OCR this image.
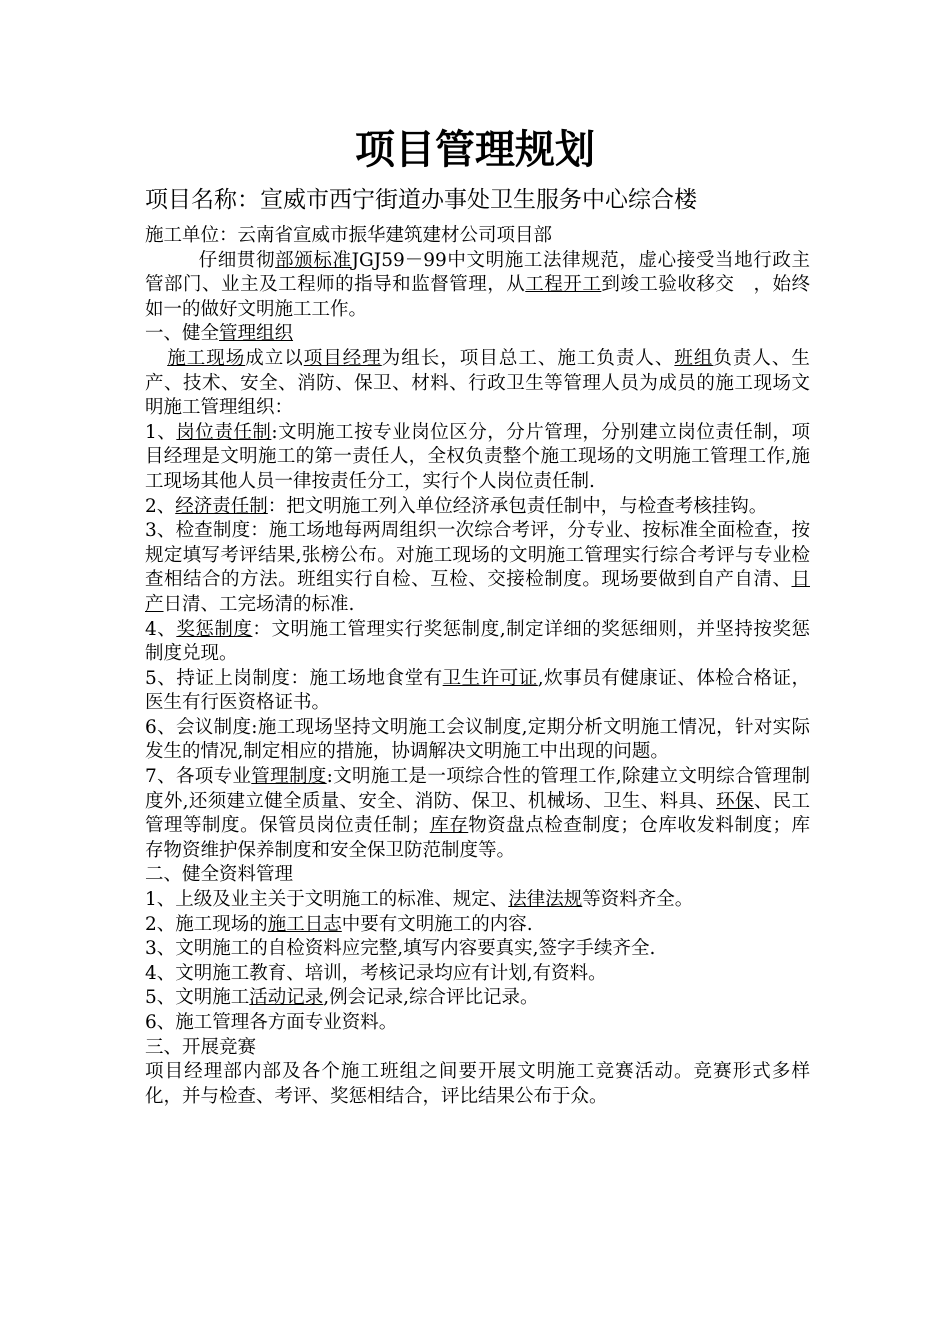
项目管理规划
项目名称：宣威市西宁街道办事处卫生服务中心综合楼

施工单位：云南省宣威市振华建筑建材公司项目部

仔细贯彻部颁标准JGJ59－99中文明施工法律规范，虚心接受当地行政主管部门、业主及工程师的指导和监督管理，从工程开工到竣工验收移交　，始终如一的做好文明施工工作。

一、健全管理组织

施工现场成立以项目经理为组长，项目总工、施工负责人、班组负责人、生产、技术、安全、消防、保卫、材料、行政卫生等管理人员为成员的施工现场文明施工管理组织：

1、岗位责任制:文明施工按专业岗位区分，分片管理，分别建立岗位责任制，项目经理是文明施工的第一责任人，全权负责整个施工现场的文明施工管理工作,施工现场其他人员一律按责任分工，实行个人岗位责任制.

2、经济责任制：把文明施工列入单位经济承包责任制中，与检查考核挂钩。

3、检查制度：施工场地每两周组织一次综合考评，分专业、按标准全面检查，按规定填写考评结果,张榜公布。对施工现场的文明施工管理实行综合考评与专业检查相结合的方法。班组实行自检、互检、交接检制度。现场要做到自产自清、日产日清、工完场清的标准.

4、奖惩制度：文明施工管理实行奖惩制度,制定详细的奖惩细则，并坚持按奖惩制度兑现。

5、持证上岗制度：施工场地食堂有卫生许可证,炊事员有健康证、体检合格证，医生有行医资格证书。

6、会议制度:施工现场坚持文明施工会议制度,定期分析文明施工情况，针对实际发生的情况,制定相应的措施，协调解决文明施工中出现的问题。

7、各项专业管理制度:文明施工是一项综合性的管理工作,除建立文明综合管理制度外,还须建立健全质量、安全、消防、保卫、机械场、卫生、料具、环保、民工管理等制度。保管员岗位责任制；库存物资盘点检查制度；仓库收发料制度；库存物资维护保养制度和安全保卫防范制度等。

二、健全资料管理

1、上级及业主关于文明施工的标准、规定、法律法规等资料齐全。

2、施工现场的施工日志中要有文明施工的内容.

3、文明施工的自检资料应完整,填写内容要真实,签字手续齐全.

4、文明施工教育、培训，考核记录均应有计划,有资料。

5、文明施工活动记录,例会记录,综合评比记录。

6、施工管理各方面专业资料。

三、开展竞赛

项目经理部内部及各个施工班组之间要开展文明施工竞赛活动。竞赛形式多样化，并与检查、考评、奖惩相结合，评比结果公布于众。
